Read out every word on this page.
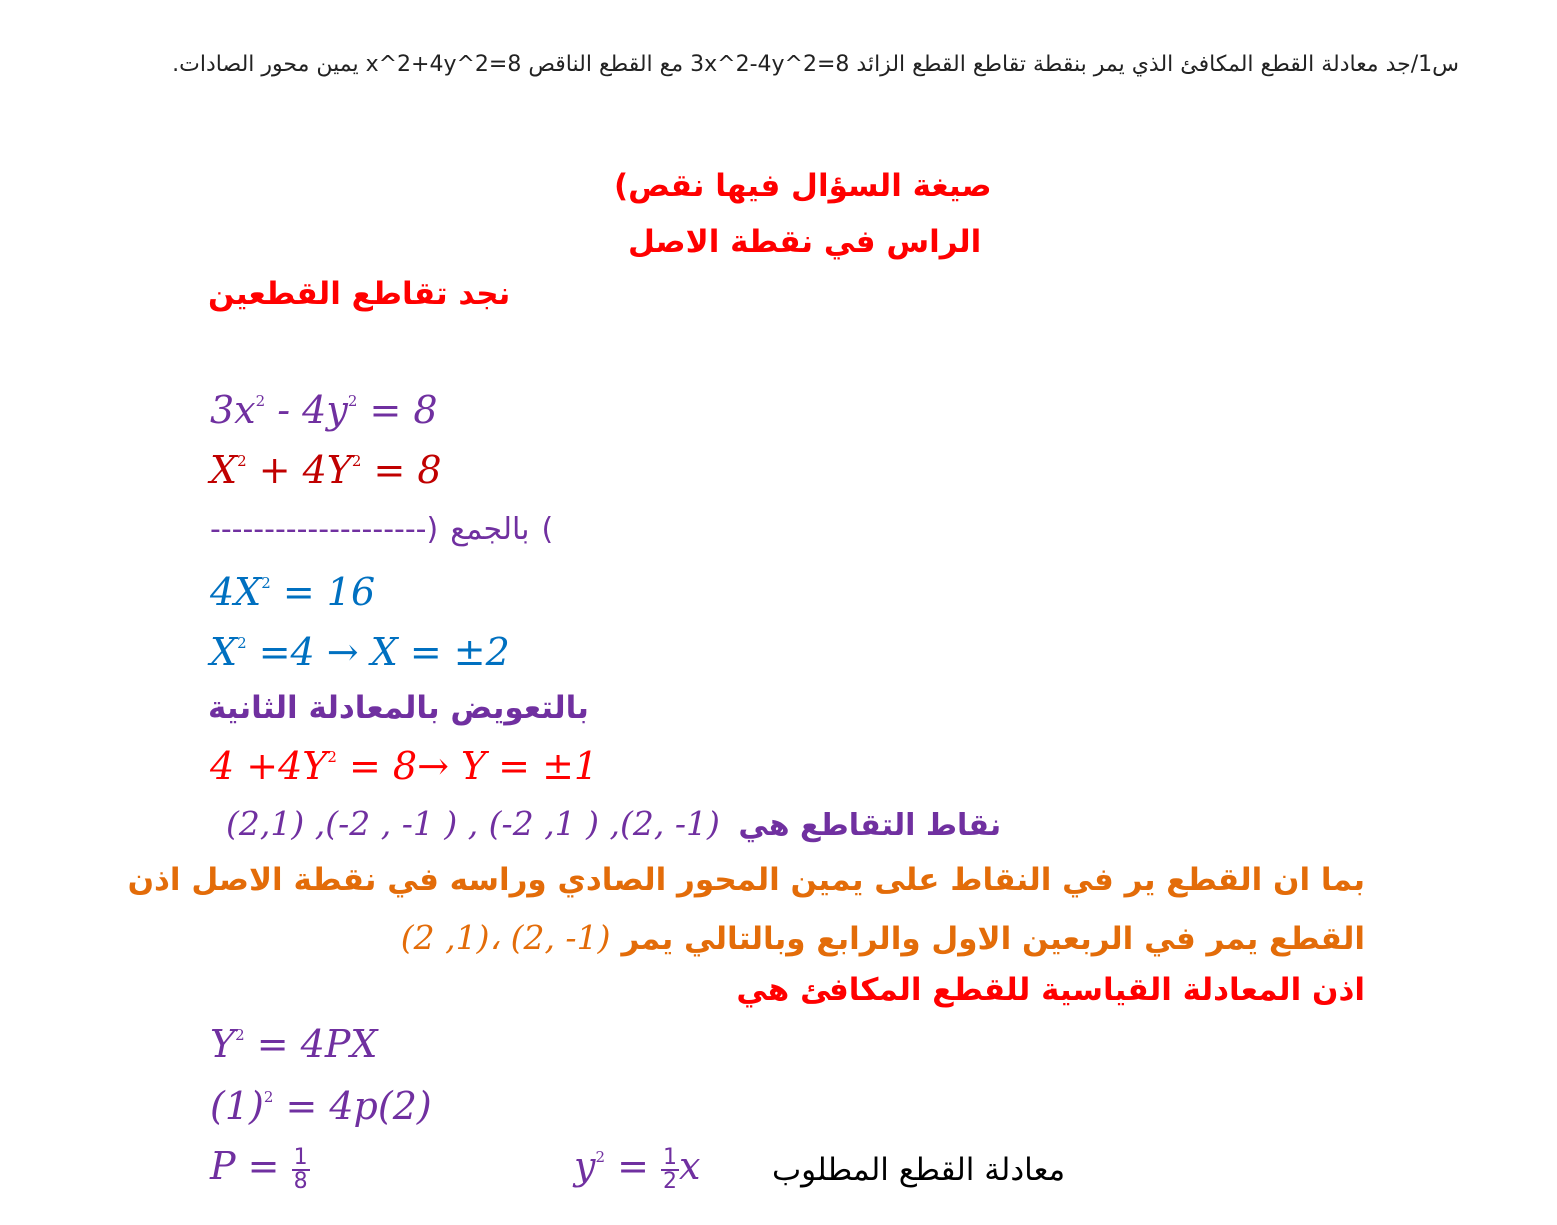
س1/جد معادلة القطع المكافئ الذي يمر بنقطة تقاطع القطع الزائد 3x^2-4y^2=8 مع القطع الناقص x^2+4y^2=8 يمين محور الصادات.
صيغة السؤال فيها نقص)
الراس في نقطة الاصل
نجد تقاطع القطعين
$3x^2 - 4y^2 = 8$
$X^2 + 4Y^2 = 8$
--------------------) بالجمع (
$4X^2 = 16$
$X^2 =4 \to X = \pm 2$
بالتعويض بالمعادلة الثانية
$4 +4Y^2 = 8\to Y = \pm 1$
(2,1) ,(-2 , -1 ) , (-2 ,1 ) ,(2, -1) نقاط التقاطع هي
بما ان القطع ير في النقاط على يمين المحور الصادي وراسه في نقطة الاصل اذن
(2 ,1)، (2, -1) القطع يمر في الربعين الاول والرابع وبالتالي يمر
اذن المعادلة القياسية للقطع المكافئ هي
$Y^2 = 4PX$
$(1)^2 = 4p(2)$
$P = \frac{1}{8}$	$y^2 = \frac{1}{2}$ x معادلة القطع المطلوب
